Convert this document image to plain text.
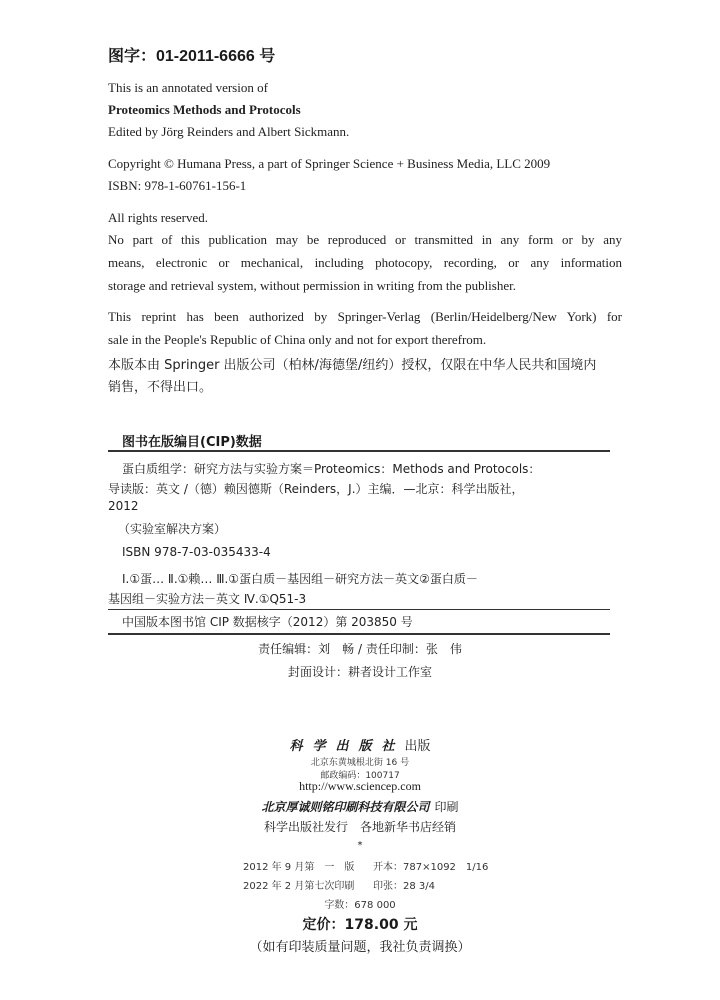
图字：01-2011-6666 号
This is an annotated version of
Proteomics Methods and Protocols
Edited by Jörg Reinders and Albert Sickmann.
Copyright © Humana Press, a part of Springer Science + Business Media, LLC 2009
ISBN: 978-1-60761-156-1
All rights reserved.
No part of this publication may be reproduced or transmitted in any form or by any
means, electronic or mechanical, including photocopy, recording, or any information
storage and retrieval system, without permission in writing from the publisher.
This reprint has been authorized by Springer-Verlag (Berlin/Heidelberg/New York) for
sale in the People's Republic of China only and not for export therefrom.
本版本由 Springer 出版公司（柏林/海德堡/纽约）授权，仅限在中华人民共和国境内
销售，不得出口。
图书在版编目(CIP)数据
蛋白质组学：研究方法与实验方案＝Proteomics：Methods and Protocols：
导读版：英文 /（德）赖因德斯（Reinders，J.）主编．—北京：科学出版社，
2012
（实验室解决方案）
ISBN 978-7-03-035433-4
Ⅰ.①蛋… Ⅱ.①赖… Ⅲ.①蛋白质－基因组－研究方法－英文②蛋白质－
基因组－实验方法－英文 Ⅳ.①Q51-3
中国版本图书馆 CIP 数据核字（2012）第 203850 号
责任编辑：刘　畅 / 责任印制：张　伟
封面设计：耕者设计工作室
科学出版社出版
北京东黄城根北街 16 号
邮政编码：100717
http://www.sciencep.com
北京厚诚则铭印刷科技有限公司 印刷
科学出版社发行　各地新华书店经销
*
2012 年 9 月第　一　版 开本：787×1092　1/16
2022 年 2 月第七次印刷 印张：28 3/4
字数：678 000
定价：178.00 元
（如有印装质量问题，我社负责调换）
